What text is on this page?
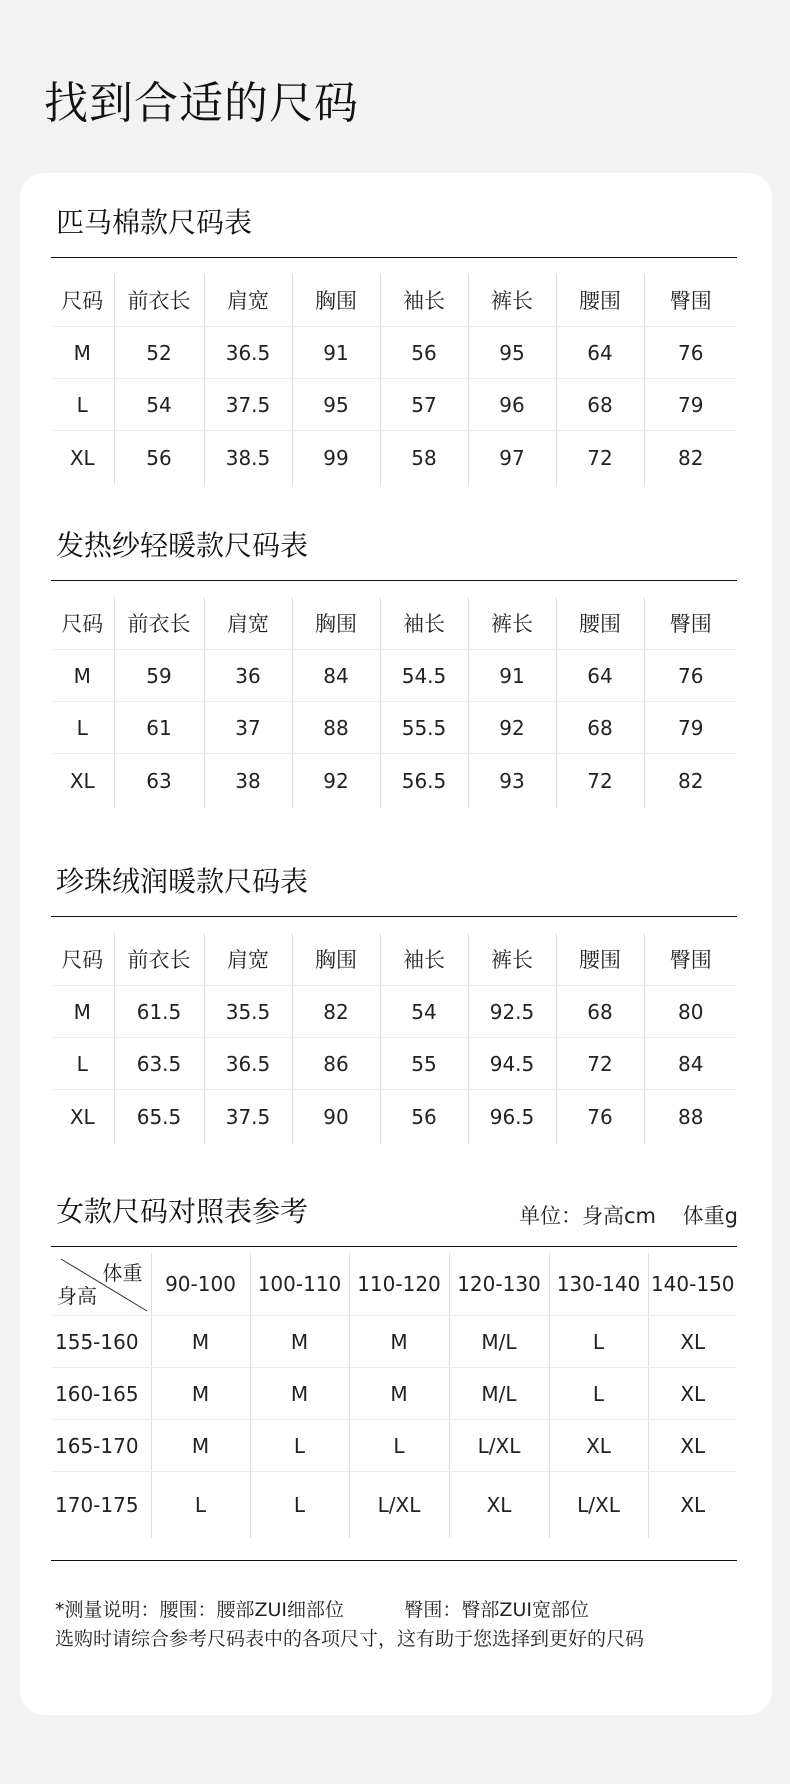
找到合适的尺码
匹马棉款尺码表
尺码	前衣长	肩宽	胸围	袖长	裤长	腰围	臀围
M	52	36.5	91	56	95	64	76
L	54	37.5	95	57	96	68	79
XL	56	38.5	99	58	97	72	82
发热纱轻暖款尺码表
尺码	前衣长	肩宽	胸围	袖长	裤长	腰围	臀围
M	59	36	84	54.5	91	64	76
L	61	37	88	55.5	92	68	79
XL	63	38	92	56.5	93	72	82
珍珠绒润暖款尺码表
尺码	前衣长	肩宽	胸围	袖长	裤长	腰围	臀围
M	61.5	35.5	82	54	92.5	68	80
L	63.5	36.5	86	55	94.5	72	84
XL	65.5	37.5	90	56	96.5	76	88
女款尺码对照表参考	单位：身高cm    体重g
体重
身高	90-100	100-110	110-120	120-130	130-140	140-150
155-160	M	M	M	M/L	L	XL
160-165	M	M	M	M/L	L	XL
165-170	M	L	L	L/XL	XL	XL
170-175	L	L	L/XL	XL	L/XL	XL
*测量说明：腰围：腰部ZUI细部位          臀围：臀部ZUI宽部位
选购时请综合参考尺码表中的各项尺寸，这有助于您选择到更好的尺码
